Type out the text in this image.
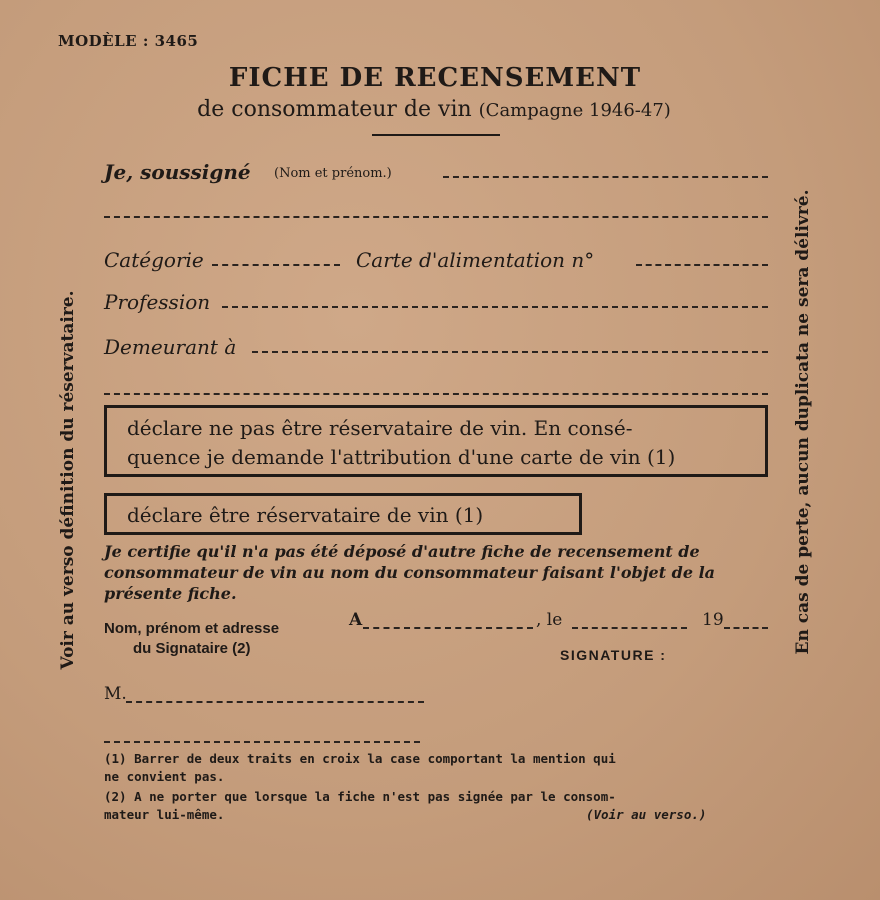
MODÈLE : 3465
FICHE DE RECENSEMENT
de consommateur de vin (Campagne 1946-47)
Je, soussigné (Nom et prénom.)
Catégorie	Carte d'alimentation n°
Profession
Demeurant à
déclare ne pas être réservataire de vin. En consé-
quence je demande l'attribution d'une carte de vin (1)
déclare être réservataire de vin (1)
Je certifie qu'il n'a pas été déposé d'autre fiche de recensement de consommateur de vin au nom du consommateur faisant l'objet de la présente fiche.
Nom, prénom et adresse
du Signataire (2)
A	, le	19
SIGNATURE :
M.
(1) Barrer de deux traits en croix la case comportant la mention qui
ne convient pas.
(2) A ne porter que lorsque la fiche n'est pas signée par le consom-
mateur lui-même.	(Voir au verso.)
Voir au verso définition du réservataire.	En cas de perte, aucun duplicata ne sera délivré.
